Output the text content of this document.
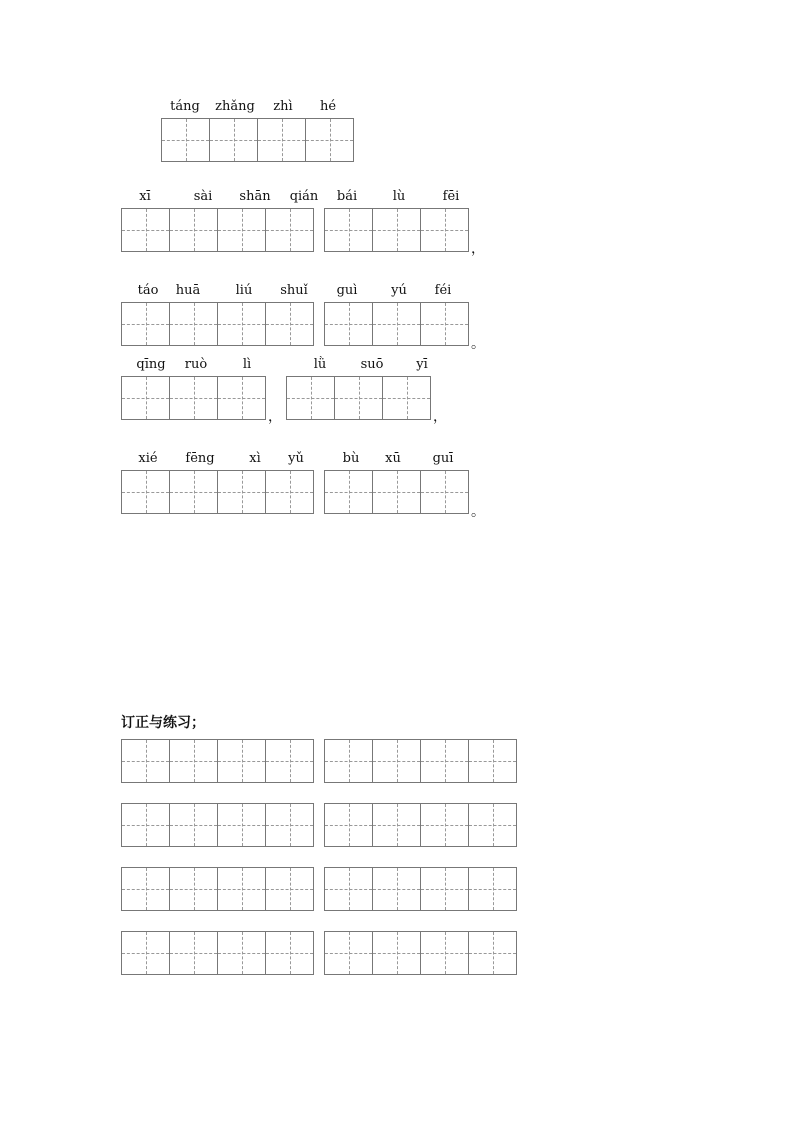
táng	zhǎng	zhì	hé
xī	sài	shān	qián	bái	lù	fēi
，
táo	huā	liú	shuǐ	guì	yú	féi
。
qīng	ruò	lì	lǜ	suō	yī
，	，
xié	fēng	xì	yǔ	bù	xū	guī
。
订正与练习；
